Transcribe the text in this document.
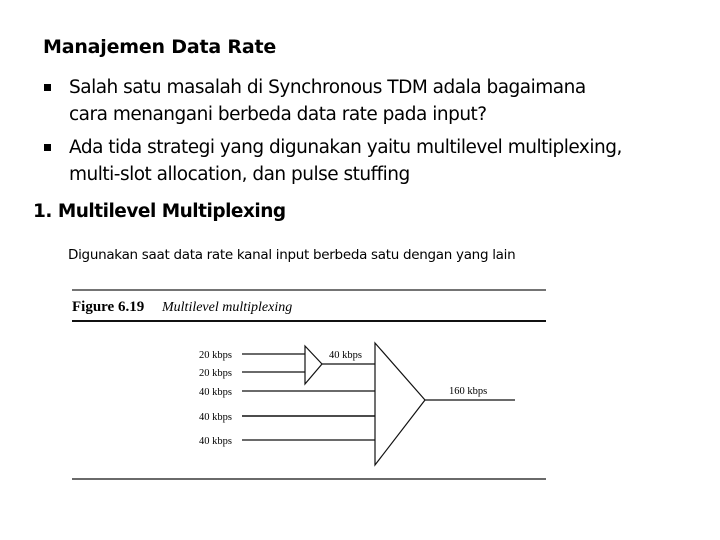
Manajemen Data Rate
Salah satu masalah di Synchronous TDM adala bagaimana
cara menangani berbeda data rate pada input?
Ada tida strategi yang digunakan yaitu multilevel multiplexing,
multi-slot allocation, dan pulse stuffing
1. Multilevel Multiplexing
Digunakan saat data rate kanal input berbeda satu dengan yang lain
Figure 6.19 Multilevel multiplexing
20 kbps
20 kbps
40 kbps
40 kbps
40 kbps
40 kbps
160 kbps
